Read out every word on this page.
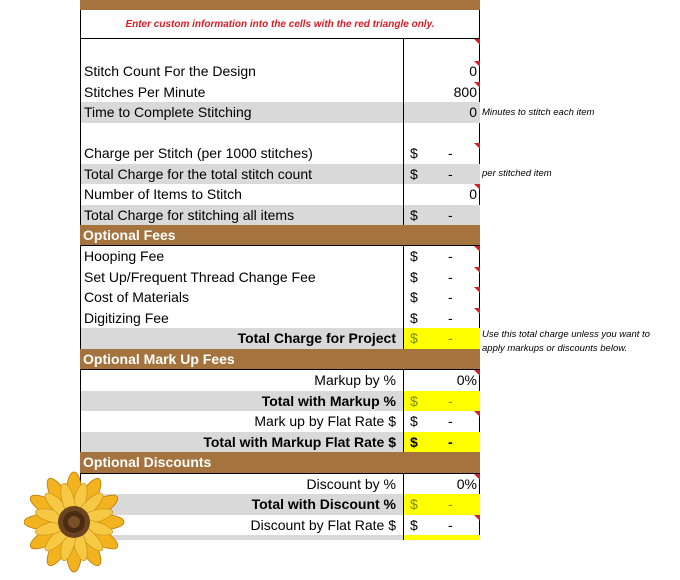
Enter custom information into the cells with the red triangle only.
Stitch Count For the Design	0
Stitches Per Minute	800
Time to Complete Stitching	0 Minutes to stitch each item
Charge per Stitch (per 1000 stitches)	$ -
Total Charge for the total stitch count	$ -	per stitched item
Number of Items to Stitch	0
Total Charge for stitching all items	$ -
Optional Fees
Hooping Fee	$ -
Set Up/Frequent Thread Change Fee	$ -
Cost of Materials	$ -
Digitizing Fee	$ -
Total Charge for Project $ -	Use this total charge unless you want to
apply markups or discounts below.
Optional Mark Up Fees
Markup by %	0%
Total with Markup % $ -
Mark up by Flat Rate $ $ -
Total with Markup Flat Rate $ $ -
Optional Discounts
Discount by %	0%
Total with Discount % $ -
Discount by Flat Rate $ $ -
